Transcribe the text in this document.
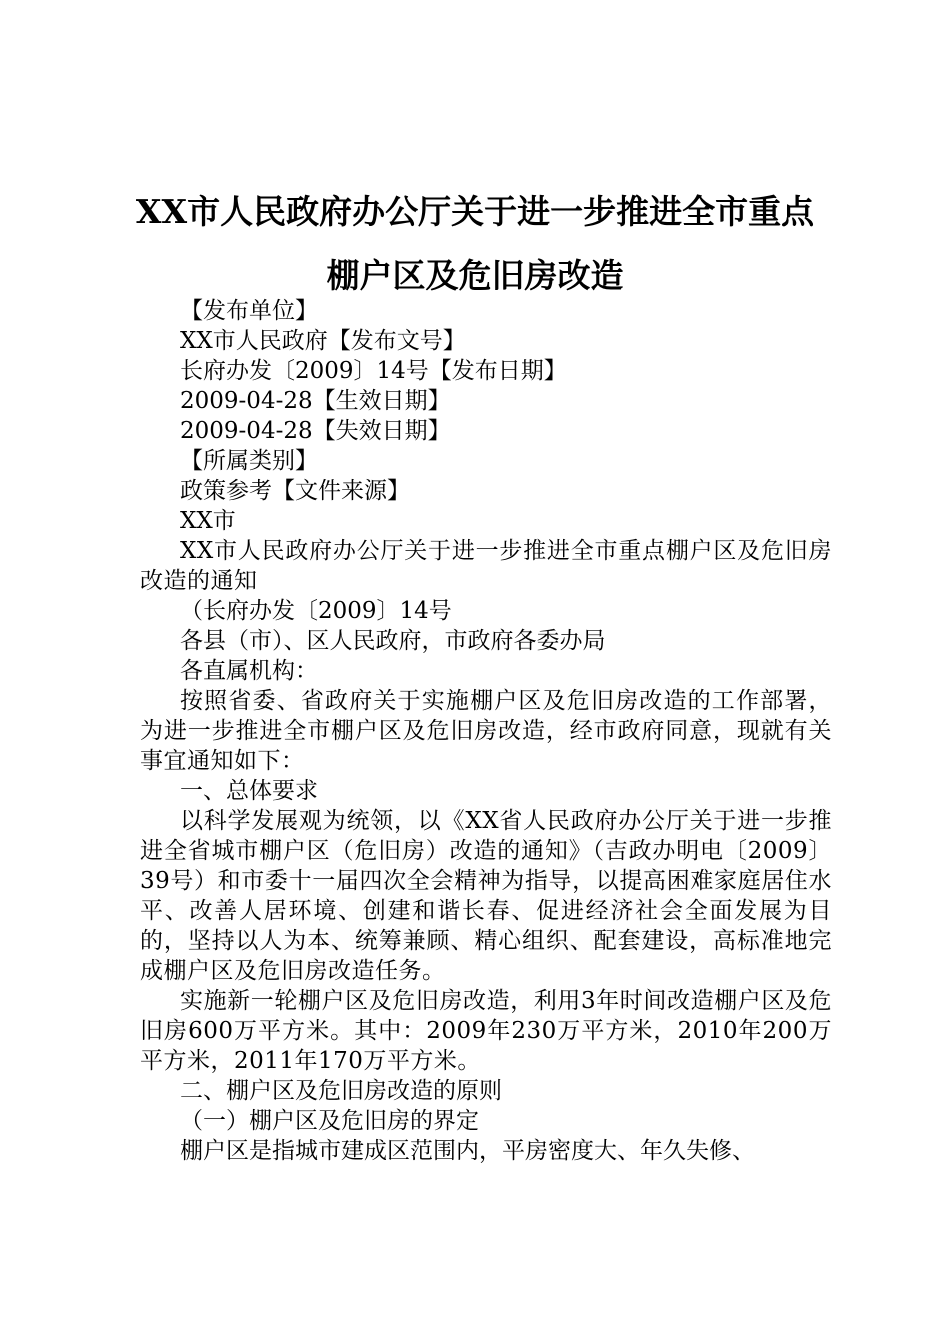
XX市人民政府办公厅关于进一步推进全市重点棚户区及危旧房改造

【发布单位】

XX市人民政府【发布文号】

长府办发〔2009〕14号【发布日期】

2009-04-28【生效日期】

2009-04-28【失效日期】

【所属类别】

政策参考【文件来源】

XX市

XX市人民政府办公厅关于进一步推进全市重点棚户区及危旧房改造的通知

（长府办发〔2009〕14号

各县（市）、区人民政府，市政府各委办局

各直属机构：

按照省委、省政府关于实施棚户区及危旧房改造的工作部署，为进一步推进全市棚户区及危旧房改造，经市政府同意，现就有关事宜通知如下：

一、总体要求

以科学发展观为统领，以《XX省人民政府办公厅关于进一步推进全省城市棚户区（危旧房）改造的通知》（吉政办明电〔2009〕39号）和市委十一届四次全会精神为指导，以提高困难家庭居住水平、改善人居环境、创建和谐长春、促进经济社会全面发展为目的，坚持以人为本、统筹兼顾、精心组织、配套建设，高标准地完成棚户区及危旧房改造任务。

实施新一轮棚户区及危旧房改造，利用3年时间改造棚户区及危旧房600万平方米。其中：2009年230万平方米，2010年200万平方米，2011年170万平方米。

二、棚户区及危旧房改造的原则

（一）棚户区及危旧房的界定

棚户区是指城市建成区范围内，平房密度大、年久失修、
